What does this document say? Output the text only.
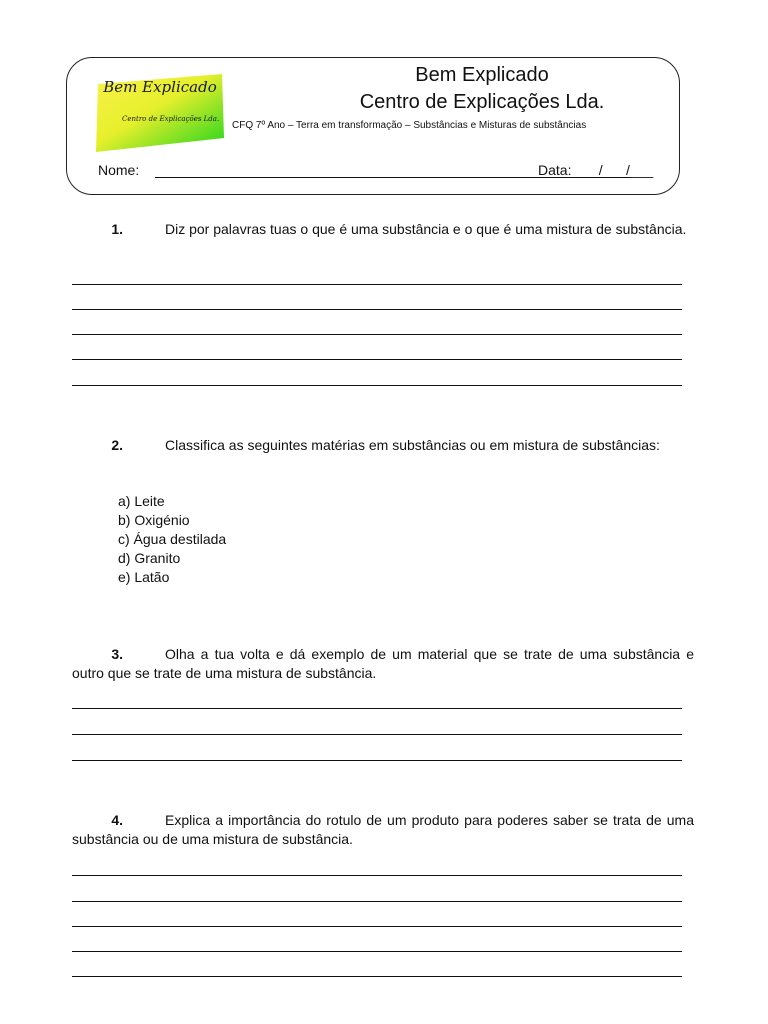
Bem Explicado
Centro de Explicações Lda.
Bem Explicado
Centro de Explicações Lda.
CFQ 7º Ano – Terra em transformação – Substâncias e Misturas de substâncias
Nome:	Data: ___/___/___
1.	Diz por palavras tuas o que é uma substância e o que é uma mistura de substância.
2.	Classifica as seguintes matérias em substâncias ou em mistura de substâncias:
a) Leite
b) Oxigénio
c) Água destilada
d) Granito
e) Latão
3.	Olha a tua volta e dá exemplo de um material que se trate de uma substância e outro que se trate de uma mistura de substância.
4.	Explica a importância do rotulo de um produto para poderes saber se trata de uma substância ou de uma mistura de substância.
